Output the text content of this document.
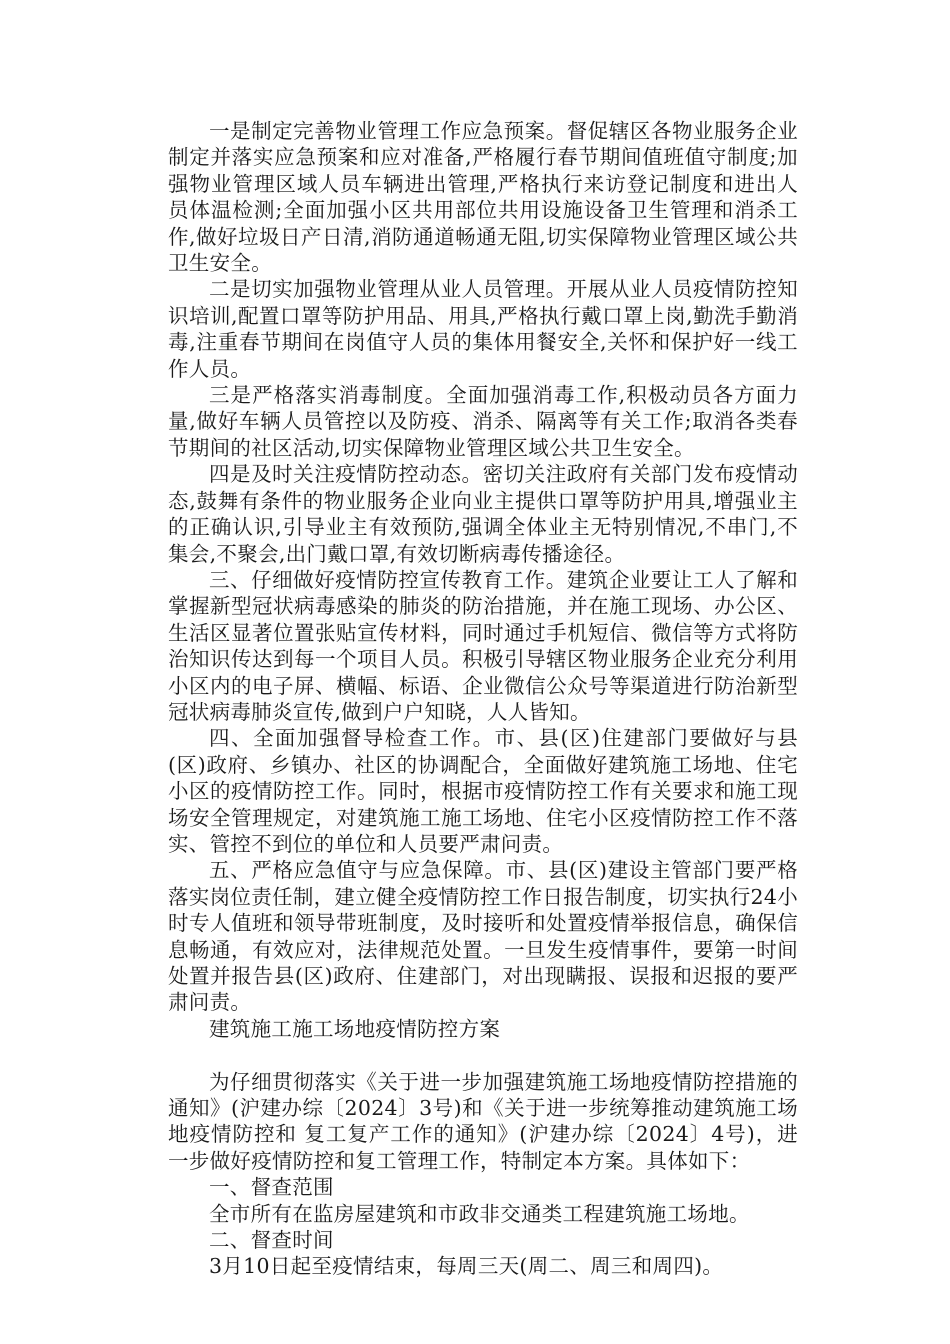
一是制定完善物业管理工作应急预案。督促辖区各物业服务企业制定并落实应急预案和应对准备,严格履行春节期间值班值守制度;加强物业管理区域人员车辆进出管理,严格执行来访登记制度和进出人员体温检测;全面加强小区共用部位共用设施设备卫生管理和消杀工作,做好垃圾日产日清,消防通道畅通无阻,切实保障物业管理区域公共卫生安全。

二是切实加强物业管理从业人员管理。开展从业人员疫情防控知识培训,配置口罩等防护用品、用具,严格执行戴口罩上岗,勤洗手勤消毒,注重春节期间在岗值守人员的集体用餐安全,关怀和保护好一线工作人员。

三是严格落实消毒制度。全面加强消毒工作,积极动员各方面力量,做好车辆人员管控以及防疫、消杀、隔离等有关工作;取消各类春节期间的社区活动,切实保障物业管理区域公共卫生安全。

四是及时关注疫情防控动态。密切关注政府有关部门发布疫情动态,鼓舞有条件的物业服务企业向业主提供口罩等防护用具,增强业主的正确认识,引导业主有效预防,强调全体业主无特别情况,不串门,不集会,不聚会,出门戴口罩,有效切断病毒传播途径。

三、仔细做好疫情防控宣传教育工作。建筑企业要让工人了解和掌握新型冠状病毒感染的肺炎的防治措施，并在施工现场、办公区、生活区显著位置张贴宣传材料，同时通过手机短信、微信等方式将防治知识传达到每一个项目人员。积极引导辖区物业服务企业充分利用小区内的电子屏、横幅、标语、企业微信公众号等渠道进行防治新型冠状病毒肺炎宣传,做到户户知晓，人人皆知。

四、全面加强督导检查工作。市、县(区)住建部门要做好与县(区)政府、乡镇办、社区的协调配合，全面做好建筑施工场地、住宅小区的疫情防控工作。同时，根据市疫情防控工作有关要求和施工现场安全管理规定，对建筑施工施工场地、住宅小区疫情防控工作不落实、管控不到位的单位和人员要严肃问责。

五、严格应急值守与应急保障。市、县(区)建设主管部门要严格落实岗位责任制，建立健全疫情防控工作日报告制度，切实执行24小时专人值班和领导带班制度，及时接听和处置疫情举报信息，确保信息畅通，有效应对，法律规范处置。一旦发生疫情事件，要第一时间处置并报告县(区)政府、住建部门，对出现瞒报、误报和迟报的要严肃问责。

建筑施工施工场地疫情防控方案

为仔细贯彻落实《关于进一步加强建筑施工场地疫情防控措施的通知》(沪建办综〔2024〕3号)和《关于进一步统筹推动建筑施工场地疫情防控和 复工复产工作的通知》(沪建办综〔2024〕4号)，进一步做好疫情防控和复工管理工作，特制定本方案。具体如下：

一、督查范围

全市所有在监房屋建筑和市政非交通类工程建筑施工场地。

二、督查时间

3月10日起至疫情结束，每周三天(周二、周三和周四)。
